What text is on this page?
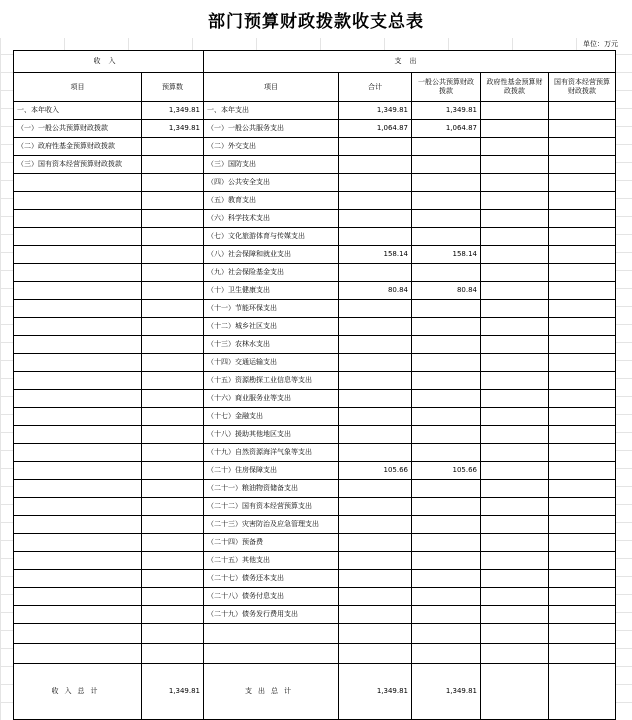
部门预算财政拨款收支总表
单位：万元
收入		支出				
项目	预算数	项目	合计	一般公共预算财政拨款	政府性基金预算财政拨款	国有资本经营预算财政拨款
一、本年收入	1,349.81	一、本年支出	1,349.81	1,349.81		
（一）一般公共预算财政拨款	1,349.81	（一）一般公共服务支出	1,064.87	1,064.87		
（二）政府性基金预算财政拨款		（二）外交支出				
（三）国有资本经营预算财政拨款		（三）国防支出				
		（四）公共安全支出				
		（五）教育支出				
		（六）科学技术支出				
		（七）文化旅游体育与传媒支出				
		（八）社会保障和就业支出	158.14	158.14		
		（九）社会保险基金支出				
		（十）卫生健康支出	80.84	80.84		
		（十一）节能环保支出				
		（十二）城乡社区支出				
		（十三）农林水支出				
		（十四）交通运输支出				
		（十五）资源勘探工业信息等支出				
		（十六）商业服务业等支出				
		（十七）金融支出				
		（十八）援助其他地区支出				
		（十九）自然资源海洋气象等支出				
		（二十）住房保障支出	105.66	105.66		
		（二十一）粮油物资储备支出				
		（二十二）国有资本经营预算支出				
		（二十三）灾害防治及应急管理支出				
		（二十四）预备费				
		（二十五）其他支出				
		（二十七）债务还本支出				
		（二十八）债务付息支出				
		（二十九）债务发行费用支出				

收入总计	1,349.81	支出总计	1,349.81	1,349.81		
